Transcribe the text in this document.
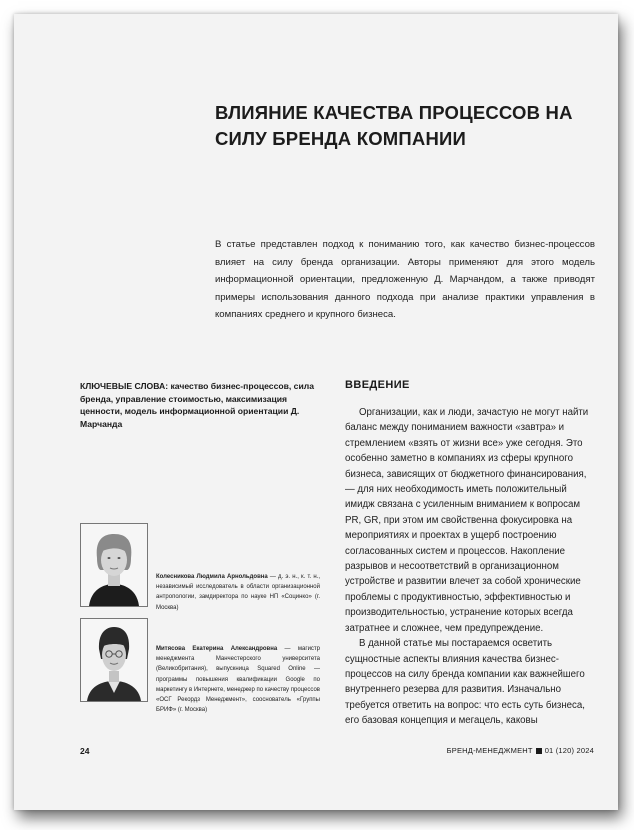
ВЛИЯНИЕ КАЧЕСТВА ПРОЦЕССОВ НА СИЛУ БРЕНДА КОМПАНИИ

В статье представлен подход к пониманию того, как качество бизнес-процессов влияет на силу бренда организации. Авторы применяют для этого модель информационной ориентации, предложенную Д. Марчандом, а также приводят примеры использования данного подхода при анализе практики управления в компаниях среднего и крупного бизнеса.

КЛЮЧЕВЫЕ СЛОВА: качество бизнес-процессов, сила бренда, управление стоимостью, максимизация ценности, модель информационной ориентации Д. Марчанда

ВВЕДЕНИЕ

Организации, как и люди, зачастую не могут найти баланс между пониманием важности «завтра» и стремлением «взять от жизни все» уже сегодня. Это особенно заметно в компаниях из сферы крупного бизнеса, зависящих от бюджетного финансирования, — для них необходимость иметь положительный имидж связана с усиленным вниманием к вопросам PR, GR, при этом им свойственна фокусировка на мероприятиях и проектах в ущерб построению согласованных систем и процессов. Накопление разрывов и несоответствий в организационном устройстве и развитии влечет за собой хронические проблемы с продуктивностью, эффективностью и производительностью, устранение которых всегда затратнее и сложнее, чем предупреждение.

В данной статье мы постараемся осветить сущностные аспекты влияния качества бизнес-процессов на силу бренда компании как важнейшего внутреннего резерва для развития. Изначально требуется ответить на вопрос: что есть суть бизнеса, его базовая концепция и мегацель, каковы

Колесникова Людмила Арнольдовна — д. э. н., к. т. н., независимый исследователь в области организационной антропологии, замдиректора по науке НП «Социнко» (г. Москва)

Митясова Екатерина Александровна — магистр менеджмента Манчестерского университета (Великобритания), выпускница Squared Online — программы повышения квалификации Google по маркетингу в Интернете, менеджер по качеству процессов «ОСГ Рекордз Менеджмент», сооснователь «Группы БРИФ» (г. Москва)

24	БРЕНД-МЕНЕДЖМЕНТ 01 (120) 2024
